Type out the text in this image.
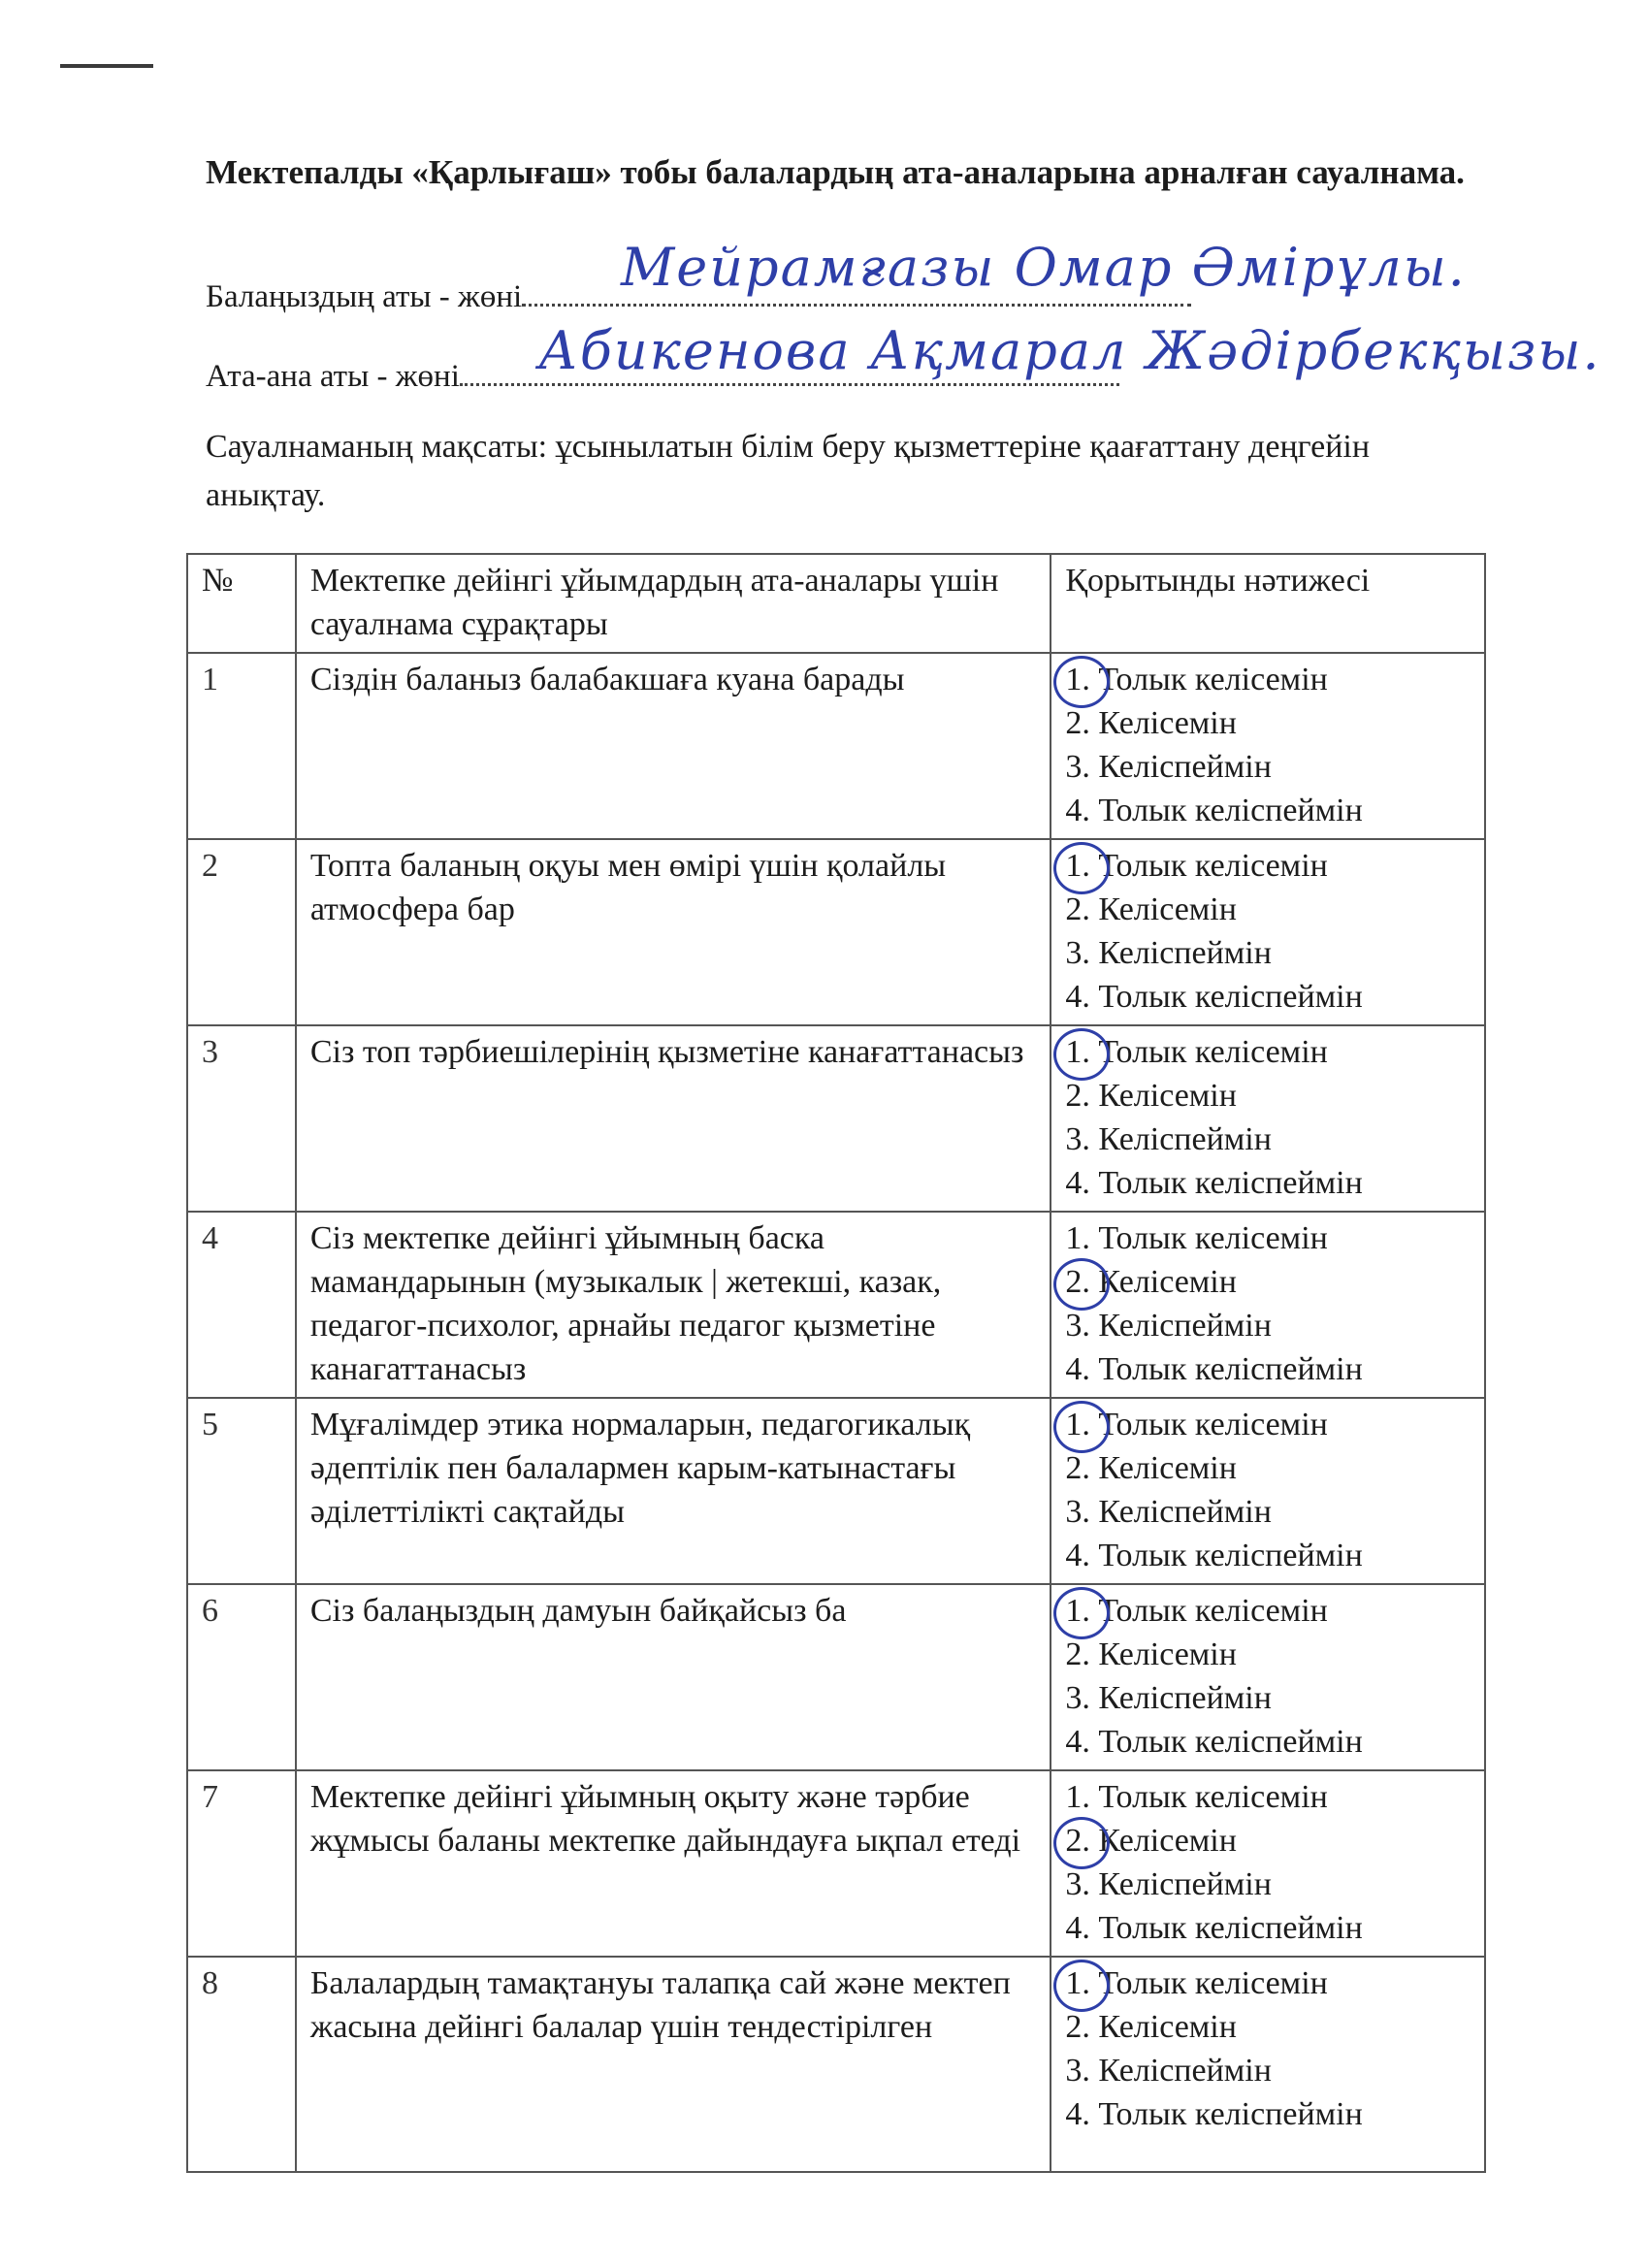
Мектепалды «Қарлығаш» тобы балалардың ата-аналарына арналған сауалнама.

Балаңыздың аты - жөні	Мейрамғазы Омар Әмірұлы.
Ата-ана аты - жөні	Абикенова Ақмарал Жәдірбекқызы.

Сауалнаманың мақсаты: ұсынылатын білім беру қызметтеріне қаағаттану деңгейін анықтау.

№	Мектепке дейінгі ұйымдардың ата-аналары үшін сауалнама сұрақтары	Қорытынды нәтижесі
1	Сіздін баланыз балабакшаға куана барады	1. Толык келісемін
2. Келісемін
3. Келіспеймін
4. Толык келіспеймін

2	Топта баланың оқуы мен өмірі үшін қолайлы атмосфера бар	1. Толык келісемін
2. Келісемін
3. Келіспеймін
4. Толык келіспеймін

3	Сіз топ тәрбиешілерінің қызметіне канағаттанасыз	1. Толык келісемін
2. Келісемін
3. Келіспеймін
4. Толык келіспеймін

4	Сіз мектепке дейінгі ұйымның баска мамандарынын (музыкалык | жетекші, казак, педагог-психолог, арнайы педагог қызметіне канагаттанасыз	1. Толык келісемін
2. Келісемін
3. Келіспеймін
4. Толык келіспеймін

5	Мұғалімдер этика нормаларын, педагогикалық әдептілік пен балалармен карым-катынастағы әділеттілікті сақтайды	1. Толык келісемін
2. Келісемін
3. Келіспеймін
4. Толык келіспеймін

6	Сіз балаңыздың дамуын байқайсыз ба	1. Толык келісемін
2. Келісемін
3. Келіспеймін
4. Толык келіспеймін

7	Мектепке дейінгі ұйымның оқыту және тәрбие жұмысы баланы мектепке дайындауға ықпал етеді	1. Толык келісемін
2. Келісемін
3. Келіспеймін
4. Толык келіспеймін

8	Балалардың тамақтануы талапқа сай және мектеп жасына дейінгі балалар үшін тендестірілген	1. Толык келісемін
2. Келісемін
3. Келіспеймін
4. Толык келіспеймін
